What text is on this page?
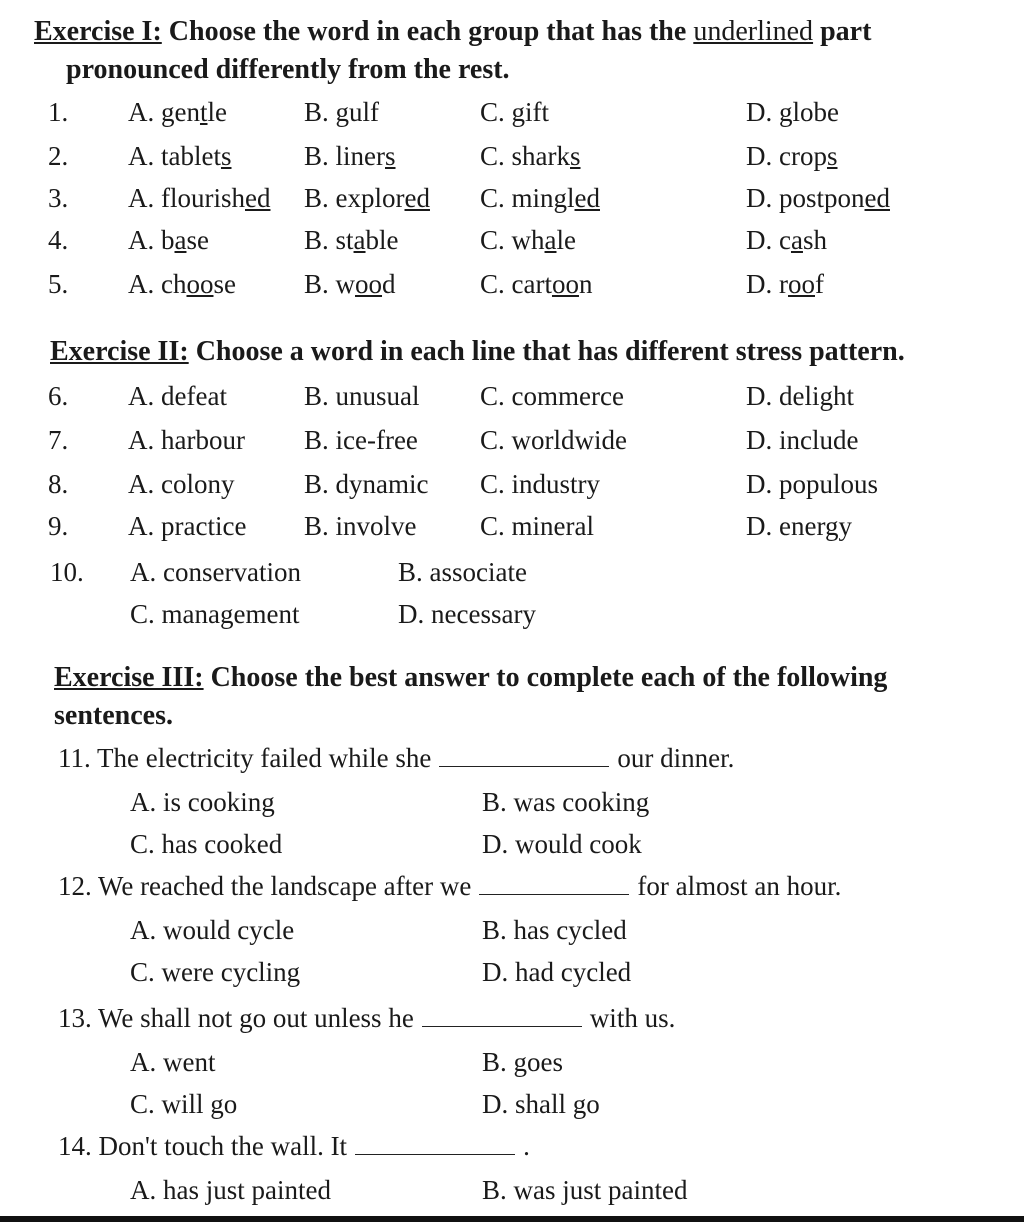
Exercise I: Choose the word in each group that has the underlined part
pronounced differently from the rest.
1. A. gentle	B. gulf	C. gift	D. globe
2. A. tablets	B. liners	C. sharks	D. crops
3. A. flourished B. explored C. mingled	D. postponed
4. A. base	B. stable	C. whale	D. cash
5. A. choose	B. wood	C. cartoon	D. roof
Exercise II: Choose a word in each line that has different stress pattern.
6. A. defeat	B. unusual C. commerce	D. delight
7. A. harbour B. ice-free C. worldwide	D. include
8. A. colony	B. dynamic C. industry	D. populous
9. A. practice B. involve C. mineral	D. energy
10. A. conservation	B. associate
C. management	D. necessary
Exercise III: Choose the best answer to complete each of the following
sentences.
11. The electricity failed while she	our dinner.
A. is cooking	B. was cooking
C. has cooked	D. would cook
12. We reached the landscape after we	for almost an hour.
A. would cycle	B. has cycled
C. were cycling	D. had cycled
13. We shall not go out unless he	with us.
A. went	B. goes
C. will go	D. shall go
14. Don't touch the wall. It	.
A. has just painted	B. was just painted
